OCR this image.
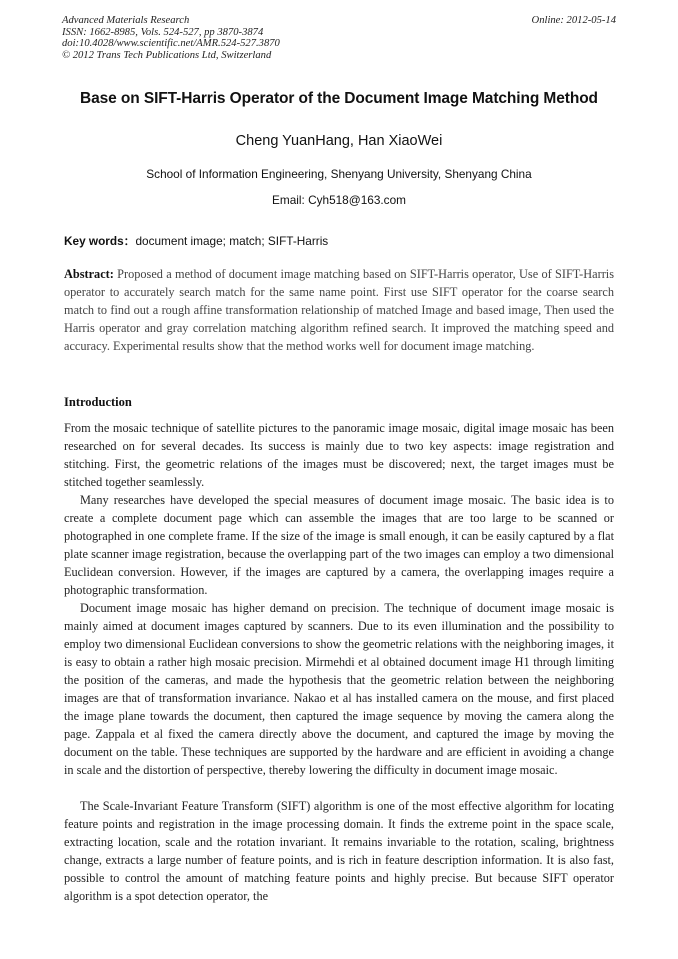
Advanced Materials Research
ISSN: 1662-8985, Vols. 524-527, pp 3870-3874
doi:10.4028/www.scientific.net/AMR.524-527.3870
© 2012 Trans Tech Publications Ltd, Switzerland
Online: 2012-05-14
Base on SIFT-Harris Operator of the Document Image Matching Method
Cheng YuanHang, Han XiaoWei
School of Information Engineering, Shenyang University, Shenyang China
Email: Cyh518@163.com
Key words：document image; match; SIFT-Harris
Abstract: Proposed a method of document image matching based on SIFT-Harris operator, Use of SIFT-Harris operator to accurately search match for the same name point. First use SIFT operator for the coarse search match to find out a rough affine transformation relationship of matched Image and based image, Then used the Harris operator and gray correlation matching algorithm refined search. It improved the matching speed and accuracy. Experimental results show that the method works well for document image matching.
Introduction
From the mosaic technique of satellite pictures to the panoramic image mosaic, digital image mosaic has been researched on for several decades. Its success is mainly due to two key aspects: image registration and stitching. First, the geometric relations of the images must be discovered; next, the target images must be stitched together seamlessly.
Many researches have developed the special measures of document image mosaic. The basic idea is to create a complete document page which can assemble the images that are too large to be scanned or photographed in one complete frame. If the size of the image is small enough, it can be easily captured by a flat plate scanner image registration, because the overlapping part of the two images can employ a two dimensional Euclidean conversion. However, if the images are captured by a camera, the overlapping images require a photographic transformation.
Document image mosaic has higher demand on precision. The technique of document image mosaic is mainly aimed at document images captured by scanners. Due to its even illumination and the possibility to employ two dimensional Euclidean conversions to show the geometric relations with the neighboring images, it is easy to obtain a rather high mosaic precision. Mirmehdi et al obtained document image H1 through limiting the position of the cameras, and made the hypothesis that the geometric relation between the neighboring images are that of transformation invariance. Nakao et al has installed camera on the mouse, and first placed the image plane towards the document, then captured the image sequence by moving the camera along the page. Zappala et al fixed the camera directly above the document, and captured the image by moving the document on the table. These techniques are supported by the hardware and are efficient in avoiding a change in scale and the distortion of perspective, thereby lowering the difficulty in document image mosaic.
The Scale-Invariant Feature Transform (SIFT) algorithm is one of the most effective algorithm for locating feature points and registration in the image processing domain. It finds the extreme point in the space scale, extracting location, scale and the rotation invariant. It remains invariable to the rotation, scaling, brightness change, extracts a large number of feature points, and is rich in feature description information. It is also fast, possible to control the amount of matching feature points and highly precise. But because SIFT operator algorithm is a spot detection operator, the
